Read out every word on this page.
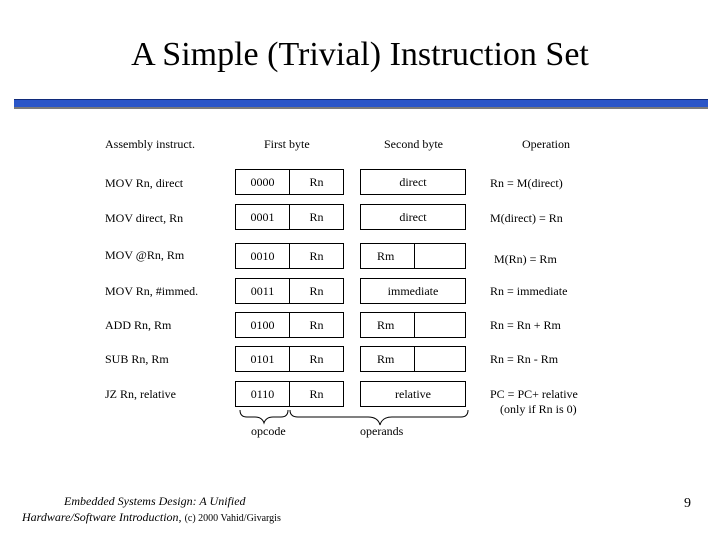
A Simple (Trivial) Instruction Set
Assembly instruct.	First byte	Second byte	Operation
MOV Rn, direct	0000	Rn	direct	Rn = M(direct)
MOV direct, Rn	0001	Rn	direct	M(direct) = Rn
MOV @Rn, Rm	0010	Rn	Rm	M(Rn) = Rm
MOV Rn, #immed.	0011	Rn	immediate	Rn = immediate
ADD Rn, Rm	0100	Rn	Rm	Rn = Rn + Rm
SUB Rn, Rm	0101	Rn	Rm	Rn = Rn - Rm
JZ Rn, relative	0110	Rn	relative	PC = PC+ relative
(only if Rn is 0)
opcode	operands
Embedded Systems Design: A Unified
Hardware/Software Introduction, (c) 2000 Vahid/Givargis
9
